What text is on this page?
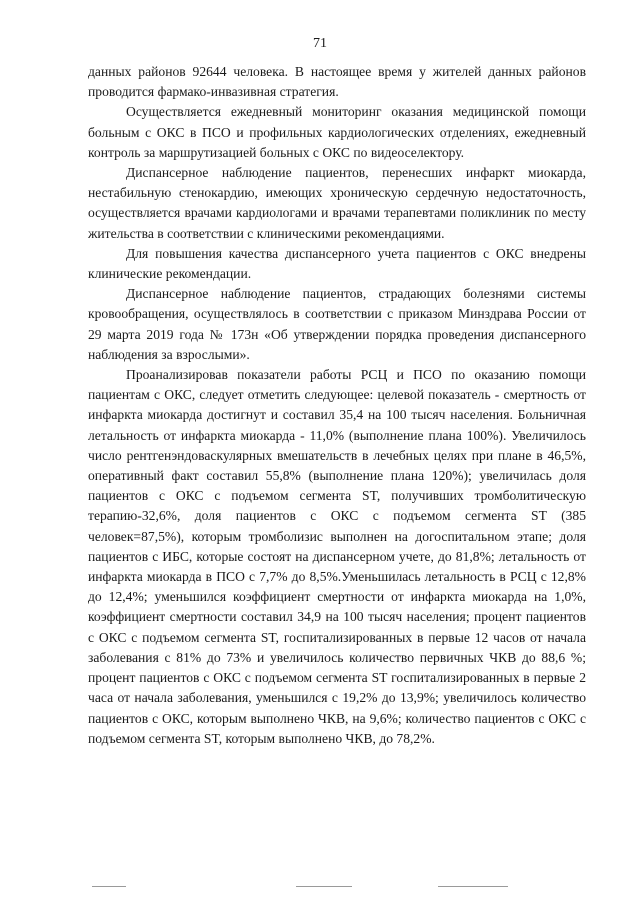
71

данных районов 92644 человека. В настоящее время у жителей данных районов проводится фармако-инвазивная стратегия.

Осуществляется ежедневный мониторинг оказания медицинской помощи больным с ОКС в ПСО и профильных кардиологических отделениях, ежедневный контроль за маршрутизацией больных с ОКС по видеоселектору.

Диспансерное наблюдение пациентов, перенесших инфаркт миокарда, нестабильную стенокардию, имеющих хроническую сердечную недостаточность, осуществляется врачами кардиологами и врачами терапевтами поликлиник по месту жительства в соответствии с клиническими рекомендациями.

Для повышения качества диспансерного учета пациентов с ОКС внедрены клинические рекомендации.

Диспансерное наблюдение пациентов, страдающих болезнями системы кровообращения, осуществлялось в соответствии с приказом Минздрава России от 29 марта 2019 года № 173н «Об утверждении порядка проведения диспансерного наблюдения за взрослыми».

Проанализировав показатели работы РСЦ и ПСО по оказанию помощи пациентам с ОКС, следует отметить следующее: целевой показатель - смертность от инфаркта миокарда достигнут и составил 35,4 на 100 тысяч населения. Больничная летальность от инфаркта миокарда - 11,0% (выполнение плана 100%). Увеличилось число рентгенэндоваскулярных вмешательств в лечебных целях при плане в 46,5%, оперативный факт составил 55,8% (выполнение плана 120%); увеличилась доля пациентов с ОКС с подъемом сегмента ST, получивших тромболитическую терапию-32,6%, доля пациентов с ОКС с подъемом сегмента ST (385 человек=87,5%), которым тромболизис выполнен на догоспитальном этапе; доля пациентов с ИБС, которые состоят на диспансерном учете, до 81,8%; летальность от инфаркта миокарда в ПСО с 7,7% до 8,5%.Уменьшилась летальность в РСЦ с 12,8% до 12,4%; уменьшился коэффициент смертности от инфаркта миокарда на 1,0%, коэффициент смертности составил 34,9 на 100 тысяч населения; процент пациентов с ОКС с подъемом сегмента ST, госпитализированных в первые 12 часов от начала заболевания с 81% до 73% и увеличилось количество первичных ЧКВ до 88,6 %; процент пациентов с ОКС с подъемом сегмента ST госпитализированных в первые 2 часа от начала заболевания, уменьшился с 19,2% до 13,9%; увеличилось количество пациентов с ОКС, которым выполнено ЧКВ, на 9,6%; количество пациентов с ОКС с подъемом сегмента ST, которым выполнено ЧКВ, до 78,2%.
